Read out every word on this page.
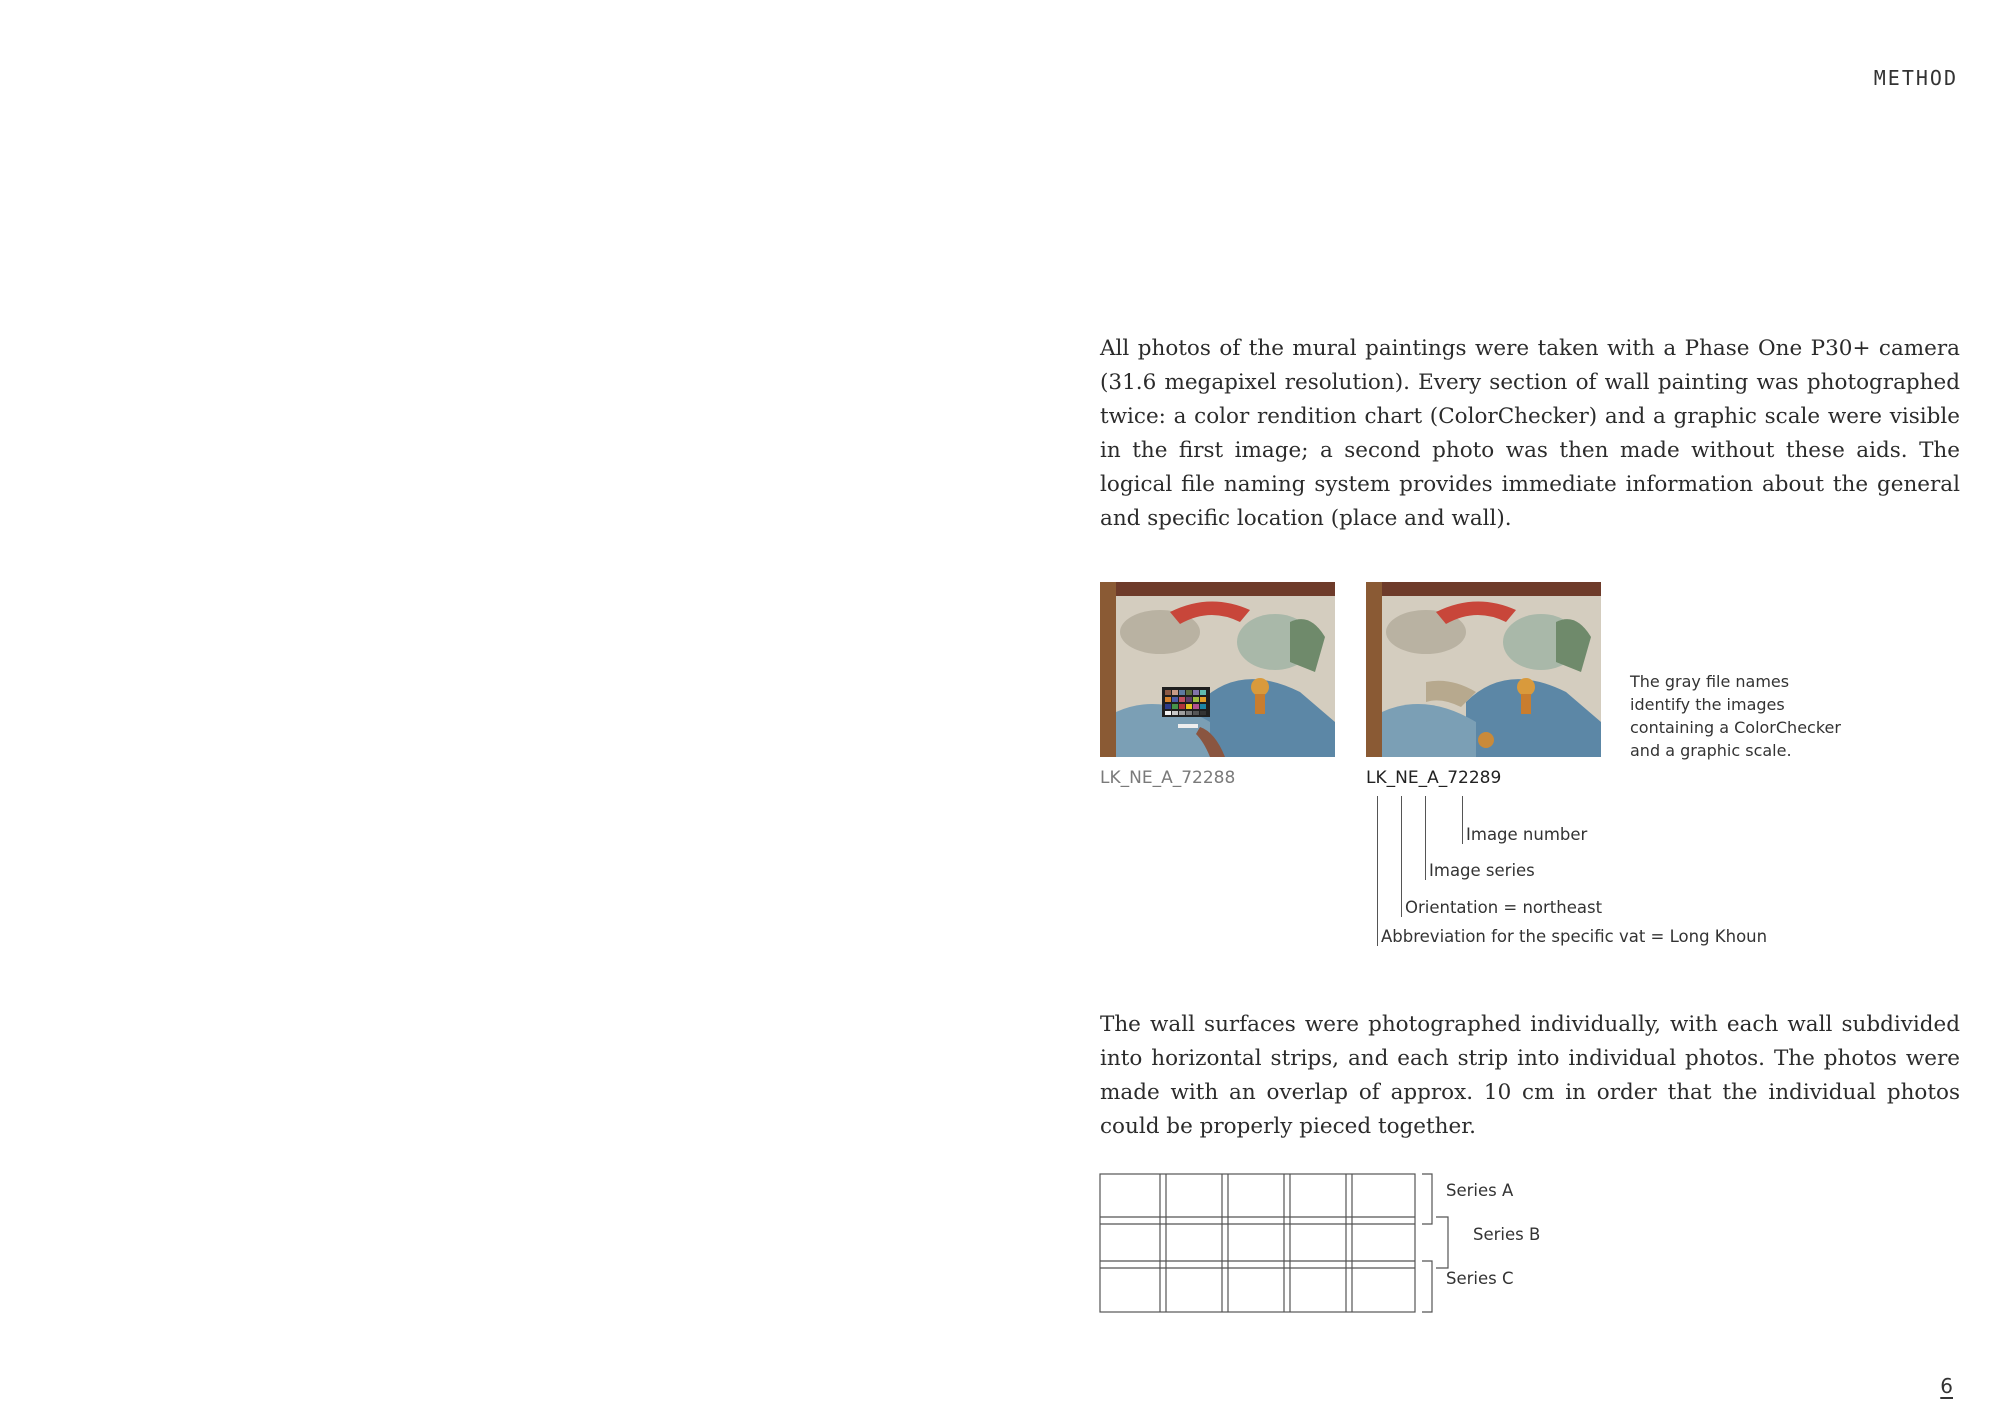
METHOD

All photos of the mural paintings were taken with a Phase One P30+ camera (31.6 megapixel resolution). Every section of wall painting was photographed twice: a color rendition chart (ColorChecker) and a graphic scale were visible in the first image; a second photo was then made without these aids. The logical file naming system provides immediate information about the general and specific location (place and wall).

LK_NE_A_72288	LK_NE_A_72289
The gray file names identify the images containing a ColorChecker and a graphic scale.
Image number
Image series
Orientation = northeast
Abbreviation for the specific vat = Long Khoun

The wall surfaces were photographed individually, with each wall subdivided into horizontal strips, and each strip into individual photos. The photos were made with an overlap of approx. 10 cm in order that the individual photos could be properly pieced together.

Series A
Series B
Series C
6
